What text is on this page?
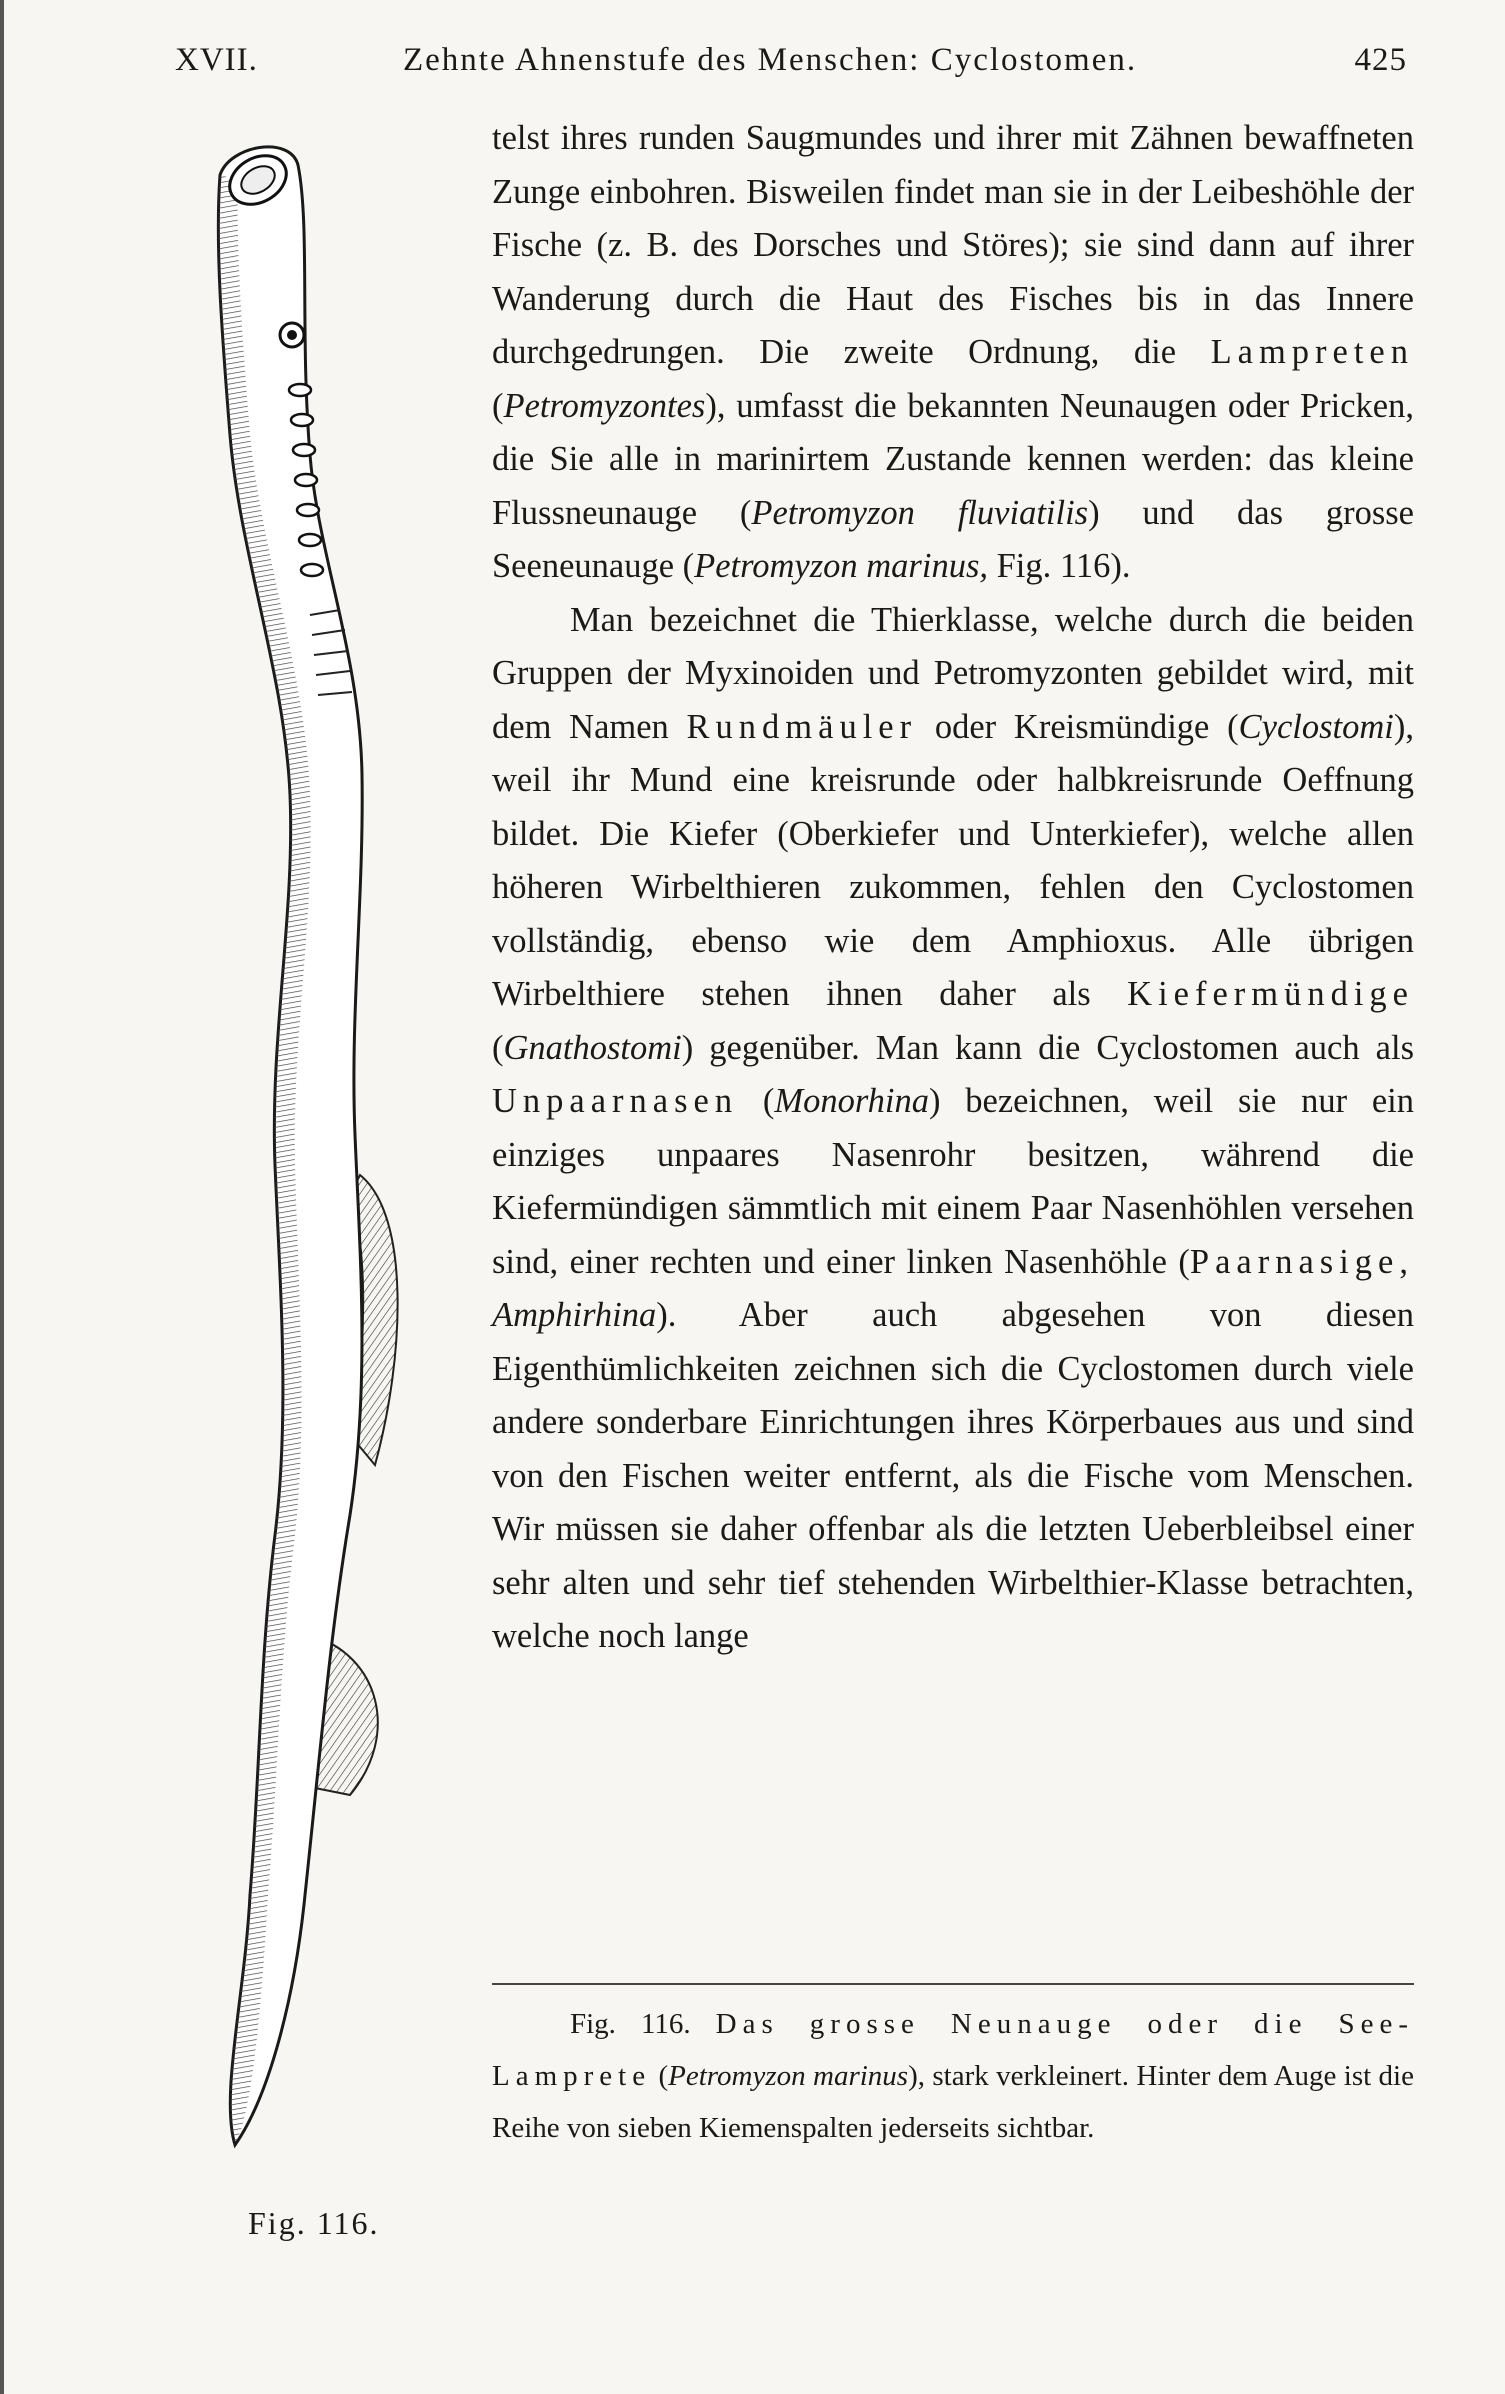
XVII.	Zehnte Ahnenstufe des Menschen: Cyclostomen.	425
Fig. 116.

telst ihres runden Saugmundes und ihrer mit Zähnen bewaffneten Zunge einbohren. Bisweilen findet man sie in der Leibeshöhle der Fische (z. B. des Dorsches und Störes); sie sind dann auf ihrer Wanderung durch die Haut des Fisches bis in das Innere durchgedrungen. Die zweite Ordnung, die Lampreten (Petromyzontes), umfasst die bekannten Neunaugen oder Pricken, die Sie alle in marinirtem Zustande kennen werden: das kleine Flussneunauge (Petromyzon fluviatilis) und das grosse Seeneunauge (Petromyzon marinus, Fig. 116).

Man bezeichnet die Thierklasse, welche durch die beiden Gruppen der Myxinoiden und Petromyzonten gebildet wird, mit dem Namen Rundmäuler oder Kreismündige (Cyclostomi), weil ihr Mund eine kreisrunde oder halbkreisrunde Oeffnung bildet. Die Kiefer (Oberkiefer und Unterkiefer), welche allen höheren Wirbelthieren zukommen, fehlen den Cyclostomen vollständig, ebenso wie dem Amphioxus. Alle übrigen Wirbelthiere stehen ihnen daher als Kiefermündige (Gnathostomi) gegenüber. Man kann die Cyclostomen auch als Unpaarnasen (Monorhina) bezeichnen, weil sie nur ein einziges unpaares Nasenrohr besitzen, während die Kiefermündigen sämmtlich mit einem Paar Nasenhöhlen versehen sind, einer rechten und einer linken Nasenhöhle (Paarnasige, Amphirhina). Aber auch abgesehen von diesen Eigenthümlichkeiten zeichnen sich die Cyclostomen durch viele andere sonderbare Einrichtungen ihres Körperbaues aus und sind von den Fischen weiter entfernt, als die Fische vom Menschen. Wir müssen sie daher offenbar als die letzten Ueberbleibsel einer sehr alten und sehr tief stehenden Wirbelthier-Klasse betrachten, welche noch lange

Fig. 116. Das grosse Neunauge oder die See-Lamprete (Petromyzon marinus), stark verkleinert. Hinter dem Auge ist die Reihe von sieben Kiemenspalten jederseits sichtbar.
